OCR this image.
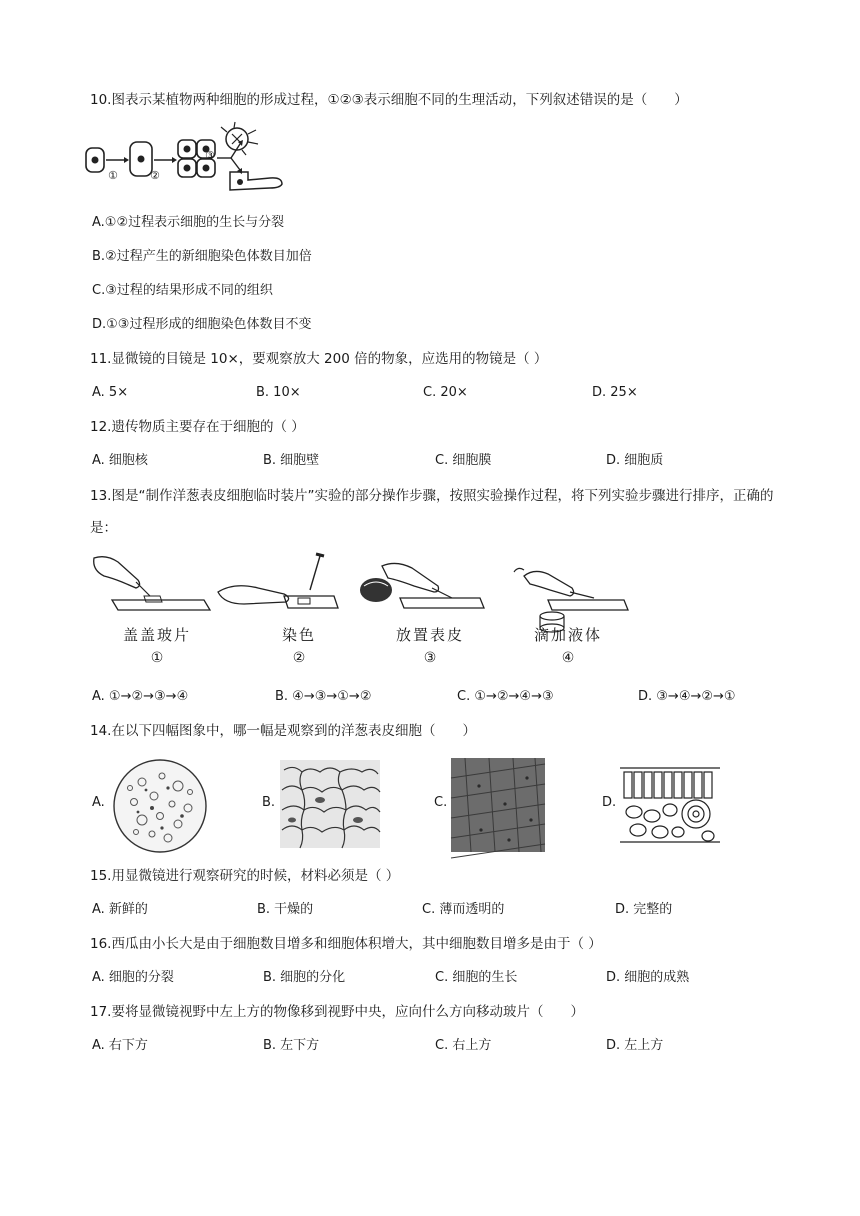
10.图表示某植物两种细胞的形成过程，①②③表示细胞不同的生理活动，下列叙述错误的是（　　）
①	②
③
A.①②过程表示细胞的生长与分裂
B.②过程产生的新细胞染色体数目加倍
C.③过程的结果形成不同的组织
D.①③过程形成的细胞染色体数目不变
11.显微镜的目镜是 10×，要观察放大 200 倍的物象，应选用的物镜是（ ）
A. 5×	B. 10×	C. 20×	D. 25×
12.遗传物质主要存在于细胞的（ ）
A. 细胞核	B. 细胞壁	C. 细胞膜	D. 细胞质
13.图是“制作洋葱表皮细胞临时装片”实验的部分操作步骤，按照实验操作过程，将下列实验步骤进行排序，正确的是：
盖盖玻片	染色	放置表皮	滴加液体
①	②	③	④
A. ①→②→③→④	B. ④→③→①→②	C. ①→②→④→③	D. ③→④→②→①
14.在以下四幅图象中，哪一幅是观察到的洋葱表皮细胞（　　）
A.	B.	C.	D.
15.用显微镜进行观察研究的时候，材料必须是（ ）
A. 新鲜的	B. 干燥的	C. 薄而透明的	D. 完整的
16.西瓜由小长大是由于细胞数目增多和细胞体积增大，其中细胞数目增多是由于（ ）
A. 细胞的分裂	B. 细胞的分化	C. 细胞的生长	D. 细胞的成熟
17.要将显微镜视野中左上方的物像移到视野中央，应向什么方向移动玻片（　　）
A. 右下方	B. 左下方	C. 右上方	D. 左上方
